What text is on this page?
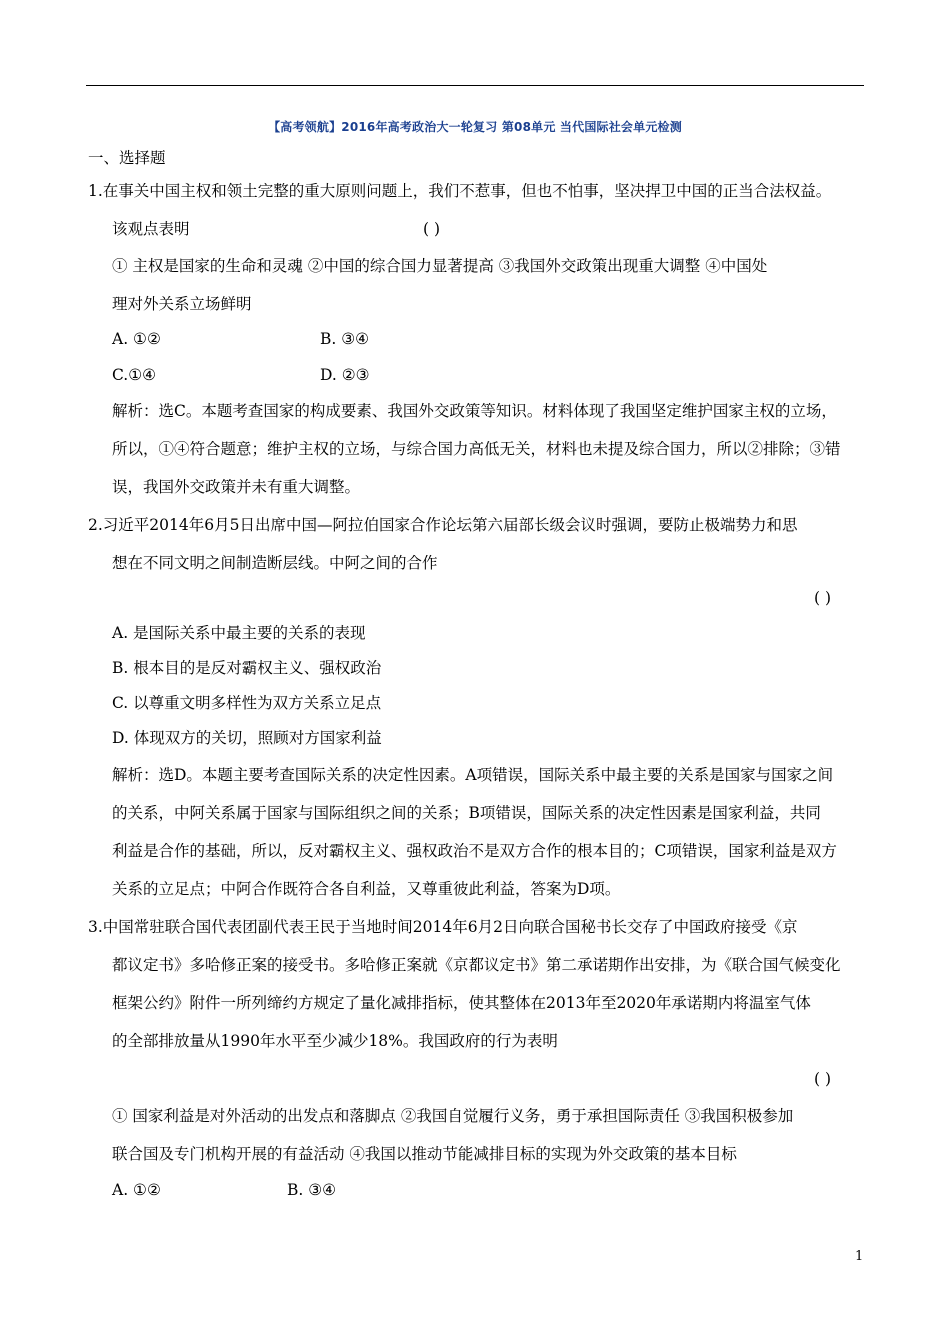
【高考领航】2016年高考政治大一轮复习 第08单元 当代国际社会单元检测
一、选择题
1.在事关中国主权和领土完整的重大原则问题上，我们不惹事，但也不怕事，坚决捍卫中国的正当合法权益。
该观点表明	( )
① 主权是国家的生命和灵魂 ②中国的综合国力显著提高 ③我国外交政策出现重大调整 ④中国处
理对外关系立场鲜明
A. ①②	B. ③④
C.①④	D. ②③
解析：选C。本题考查国家的构成要素、我国外交政策等知识。材料体现了我国坚定维护国家主权的立场，
所以，①④符合题意；维护主权的立场，与综合国力高低无关，材料也未提及综合国力，所以②排除；③错
误，我国外交政策并未有重大调整。
2.习近平2014年6月5日出席中国—阿拉伯国家合作论坛第六届部长级会议时强调，要防止极端势力和思
想在不同文明之间制造断层线。中阿之间的合作
( )
A. 是国际关系中最主要的关系的表现
B. 根本目的是反对霸权主义、强权政治
C. 以尊重文明多样性为双方关系立足点
D. 体现双方的关切，照顾对方国家利益
解析：选D。本题主要考查国际关系的决定性因素。A项错误，国际关系中最主要的关系是国家与国家之间
的关系，中阿关系属于国家与国际组织之间的关系；B项错误，国际关系的决定性因素是国家利益，共同
利益是合作的基础，所以，反对霸权主义、强权政治不是双方合作的根本目的；C项错误，国家利益是双方
关系的立足点；中阿合作既符合各自利益，又尊重彼此利益，答案为D项。
3.中国常驻联合国代表团副代表王民于当地时间2014年6月2日向联合国秘书长交存了中国政府接受《京
都议定书》多哈修正案的接受书。多哈修正案就《京都议定书》第二承诺期作出安排，为《联合国气候变化
框架公约》附件一所列缔约方规定了量化减排指标，使其整体在2013年至2020年承诺期内将温室气体
的全部排放量从1990年水平至少减少18%。我国政府的行为表明
( )
① 国家利益是对外活动的出发点和落脚点 ②我国自觉履行义务，勇于承担国际责任 ③我国积极参加
联合国及专门机构开展的有益活动 ④我国以推动节能减排目标的实现为外交政策的基本目标
A. ①②	B. ③④
1
